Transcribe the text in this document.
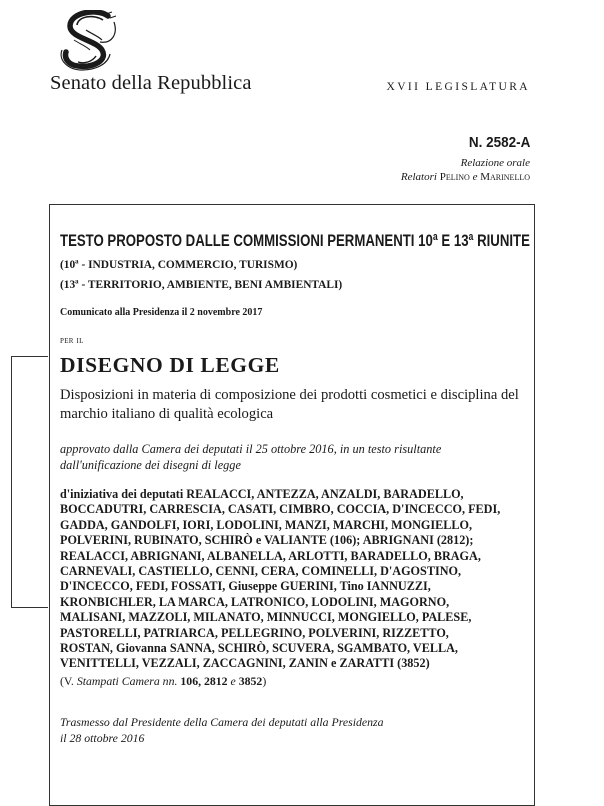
Senato della Repubblica	XVII LEGISLATURA
N. 2582-A
Relazione orale
Relatori Pelino e Marinello
TESTO PROPOSTO DALLE COMMISSIONI PERMANENTI 10ª E 13ª RIUNITE
(10ª - INDUSTRIA, COMMERCIO, TURISMO)
(13ª - TERRITORIO, AMBIENTE, BENI AMBIENTALI)
Comunicato alla Presidenza il 2 novembre 2017
per il
DISEGNO DI LEGGE
Disposizioni in materia di composizione dei prodotti cosmetici e disciplina del marchio italiano di qualità ecologica
approvato dalla Camera dei deputati il 25 ottobre 2016, in un testo risultante dall'unificazione dei disegni di legge
d'iniziativa dei deputati REALACCI, ANTEZZA, ANZALDI, BARADELLO,
BOCCADUTRI, CARRESCIA, CASATI, CIMBRO, COCCIA, D'INCECCO, FEDI,
GADDA, GANDOLFI, IORI, LODOLINI, MANZI, MARCHI, MONGIELLO,
POLVERINI, RUBINATO, SCHIRÒ e VALIANTE (106); ABRIGNANI (2812);
REALACCI, ABRIGNANI, ALBANELLA, ARLOTTI, BARADELLO, BRAGA,
CARNEVALI, CASTIELLO, CENNI, CERA, COMINELLI, D'AGOSTINO,
D'INCECCO, FEDI, FOSSATI, Giuseppe GUERINI, Tino IANNUZZI,
KRONBICHLER, LA MARCA, LATRONICO, LODOLINI, MAGORNO,
MALISANI, MAZZOLI, MILANATO, MINNUCCI, MONGIELLO, PALESE,
PASTORELLI, PATRIARCA, PELLEGRINO, POLVERINI, RIZZETTO,
ROSTAN, Giovanna SANNA, SCHIRÒ, SCUVERA, SGAMBATO, VELLA,
VENITTELLI, VEZZALI, ZACCAGNINI, ZANIN e ZARATTI (3852)
(V. Stampati Camera nn. 106, 2812 e 3852)
Trasmesso dal Presidente della Camera dei deputati alla Presidenza
il 28 ottobre 2016
